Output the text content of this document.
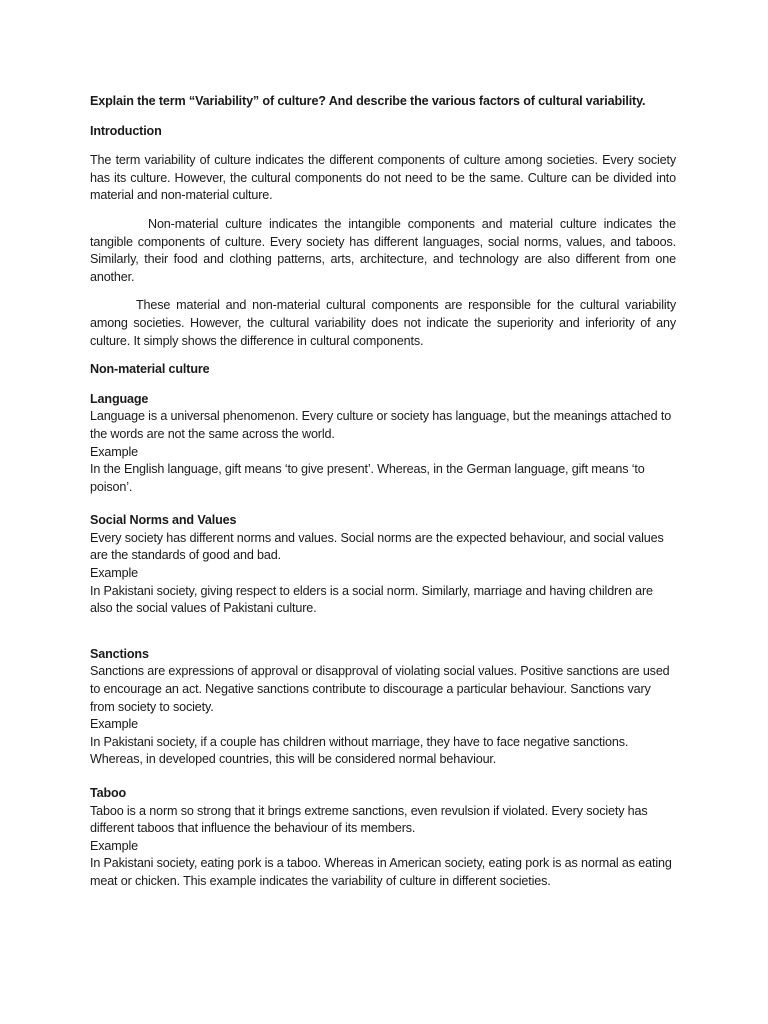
Explain the term “Variability” of culture? And describe the various factors of cultural variability.

Introduction

The term variability of culture indicates the different components of culture among societies. Every society has its culture. However, the cultural components do not need to be the same. Culture can be divided into material and non-material culture.

Non-material culture indicates the intangible components and material culture indicates the tangible components of culture. Every society has different languages, social norms, values, and taboos. Similarly, their food and clothing patterns, arts, architecture, and technology are also different from one another.

These material and non-material cultural components are responsible for the cultural variability among societies. However, the cultural variability does not indicate the superiority and inferiority of any culture. It simply shows the difference in cultural components.

Non-material culture

Language

Language is a universal phenomenon. Every culture or society has language, but the meanings attached to the words are not the same across the world.

Example

In the English language, gift means ‘to give present’. Whereas, in the German language, gift means ‘to poison’.

Social Norms and Values

Every society has different norms and values. Social norms are the expected behaviour, and social values are the standards of good and bad.

Example

In Pakistani society, giving respect to elders is a social norm. Similarly, marriage and having children are also the social values of Pakistani culture.

Sanctions

Sanctions are expressions of approval or disapproval of violating social values. Positive sanctions are used to encourage an act. Negative sanctions contribute to discourage a particular behaviour. Sanctions vary from society to society.

Example

In Pakistani society, if a couple has children without marriage, they have to face negative sanctions. Whereas, in developed countries, this will be considered normal behaviour.

Taboo

Taboo is a norm so strong that it brings extreme sanctions, even revulsion if violated. Every society has different taboos that influence the behaviour of its members.

Example

In Pakistani society, eating pork is a taboo. Whereas in American society, eating pork is as normal as eating meat or chicken. This example indicates the variability of culture in different societies.
